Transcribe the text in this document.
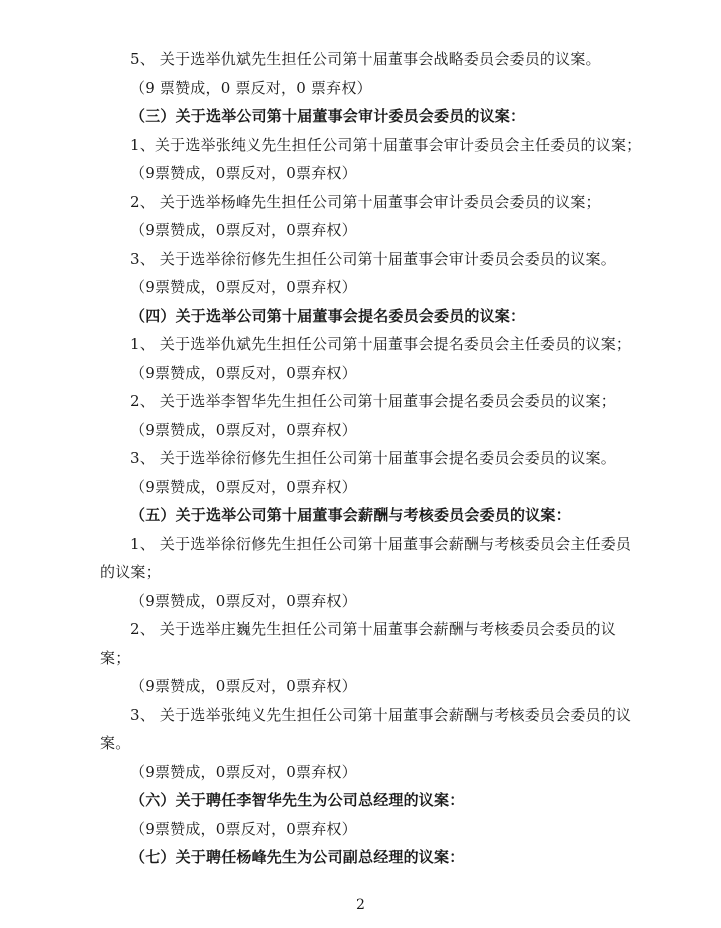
5、 关于选举仇斌先生担任公司第十届董事会战略委员会委员的议案。
（9 票赞成，0 票反对，0 票弃权）
（三）关于选举公司第十届董事会审计委员会委员的议案：
1、关于选举张纯义先生担任公司第十届董事会审计委员会主任委员的议案；
（9票赞成，0票反对，0票弃权）
2、 关于选举杨峰先生担任公司第十届董事会审计委员会委员的议案；
（9票赞成，0票反对，0票弃权）
3、 关于选举徐衍修先生担任公司第十届董事会审计委员会委员的议案。
（9票赞成，0票反对，0票弃权）
（四）关于选举公司第十届董事会提名委员会委员的议案：
1、 关于选举仇斌先生担任公司第十届董事会提名委员会主任委员的议案；
（9票赞成，0票反对，0票弃权）
2、 关于选举李智华先生担任公司第十届董事会提名委员会委员的议案；
（9票赞成，0票反对，0票弃权）
3、 关于选举徐衍修先生担任公司第十届董事会提名委员会委员的议案。
（9票赞成，0票反对，0票弃权）
（五）关于选举公司第十届董事会薪酬与考核委员会委员的议案：
1、 关于选举徐衍修先生担任公司第十届董事会薪酬与考核委员会主任委员
的议案；
（9票赞成，0票反对，0票弃权）
2、 关于选举庄巍先生担任公司第十届董事会薪酬与考核委员会委员的议
案；
（9票赞成，0票反对，0票弃权）
3、 关于选举张纯义先生担任公司第十届董事会薪酬与考核委员会委员的议
案。
（9票赞成，0票反对，0票弃权）
（六）关于聘任李智华先生为公司总经理的议案：
（9票赞成，0票反对，0票弃权）
（七）关于聘任杨峰先生为公司副总经理的议案：
2
